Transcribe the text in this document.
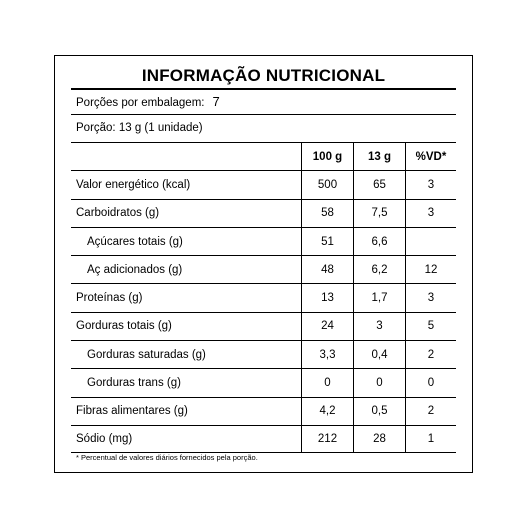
INFORMAÇÃO NUTRICIONAL
Porções por embalagem: 7
Porção: 13 g (1 unidade)
100 g	13 g	%VD*
Valor energético (kcal)	500	65	3
Carboidratos (g)	58	7,5	3
Açúcares totais (g)	51	6,6
Aç adicionados (g)	48	6,2	12
Proteínas (g)	13	1,7	3
Gorduras totais (g)	24	3	5
Gorduras saturadas (g)	3,3	0,4	2
Gorduras trans (g)	0	0	0
Fibras alimentares (g)	4,2	0,5	2
Sódio (mg)	212	28	1
* Percentual de valores diários fornecidos pela porção.
